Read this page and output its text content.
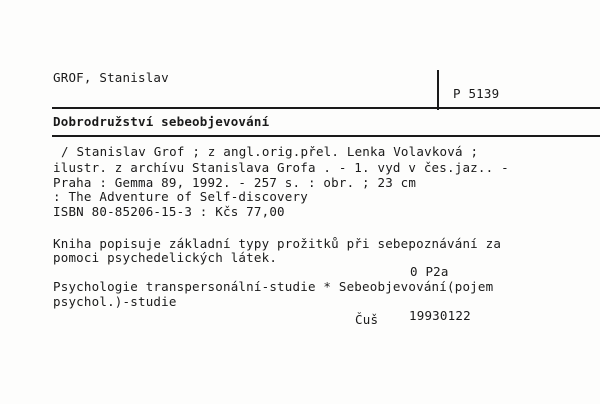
GROF, Stanislav
P 5139
Dobrodružství sebeobjevování
/ Stanislav Grof ; z angl.orig.přel. Lenka Volavková ;
ilustr. z archívu Stanislava Grofa . - 1. vyd v čes.jaz.. -
Praha : Gemma 89, 1992. - 257 s. : obr. ; 23 cm
: The Adventure of Self-discovery
ISBN 80-85206-15-3 : Kčs 77,00
Kniha popisuje základní typy prožitků při sebepoznávání za
pomoci psychedelických látek.
0 P2a
Psychologie transpersonální-studie * Sebeobjevování(pojem
psychol.)-studie
Čuš 19930122
